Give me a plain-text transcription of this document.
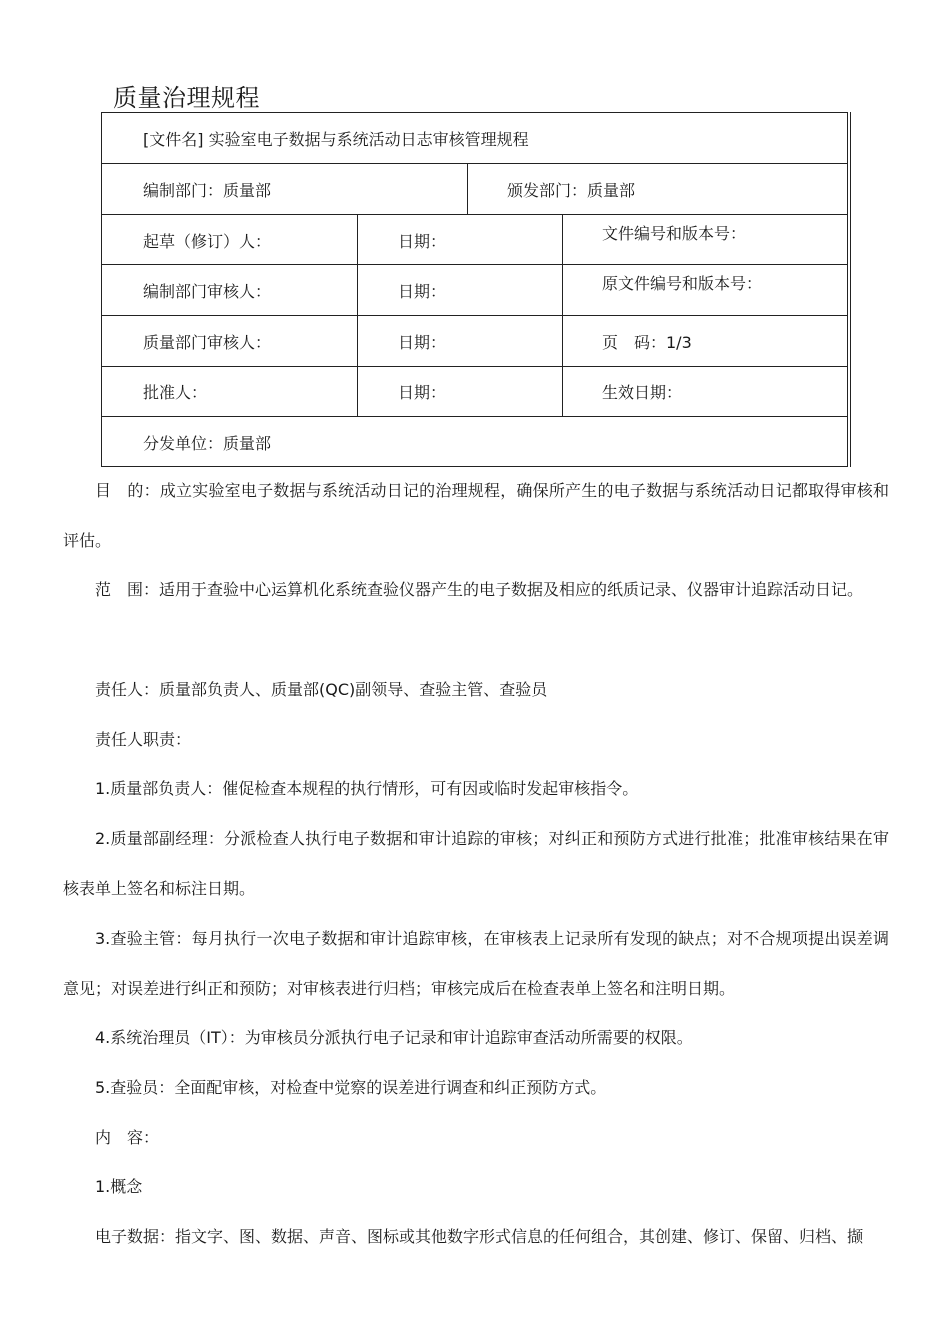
质量治理规程
[文件名] 实验室电子数据与系统活动日志审核管理规程
编制部门：质量部	颁发部门：质量部
起草（修订）人：	日期：	文件编号和版本号：
编制部门审核人：	日期：	原文件编号和版本号：
质量部门审核人：	日期：	页　码：1/3
批准人：	日期：	生效日期：
分发单位：质量部

目　的：成立实验室电子数据与系统活动日记的治理规程，确保所产生的电子数据与系统活动日记都取得审核和评估。

范　围：适用于查验中心运算机化系统查验仪器产生的电子数据及相应的纸质记录、仪器审计追踪活动日记。

责任人：质量部负责人、质量部(QC)副领导、查验主管、查验员

责任人职责：

1.质量部负责人：催促检查本规程的执行情形，可有因或临时发起审核指令。

2.质量部副经理：分派检查人执行电子数据和审计追踪的审核；对纠正和预防方式进行批准；批准审核结果在审核表单上签名和标注日期。

3.查验主管：每月执行一次电子数据和审计追踪审核，在审核表上记录所有发现的缺点；对不合规项提出误差调意见；对误差进行纠正和预防；对审核表进行归档；审核完成后在检查表单上签名和注明日期。

4.系统治理员（IT）：为审核员分派执行电子记录和审计追踪审查活动所需要的权限。

5.查验员：全面配审核，对检查中觉察的误差进行调查和纠正预防方式。

内　容：

1.概念

电子数据：指文字、图、数据、声音、图标或其他数字形式信息的任何组合，其创建、修订、保留、归档、撷
